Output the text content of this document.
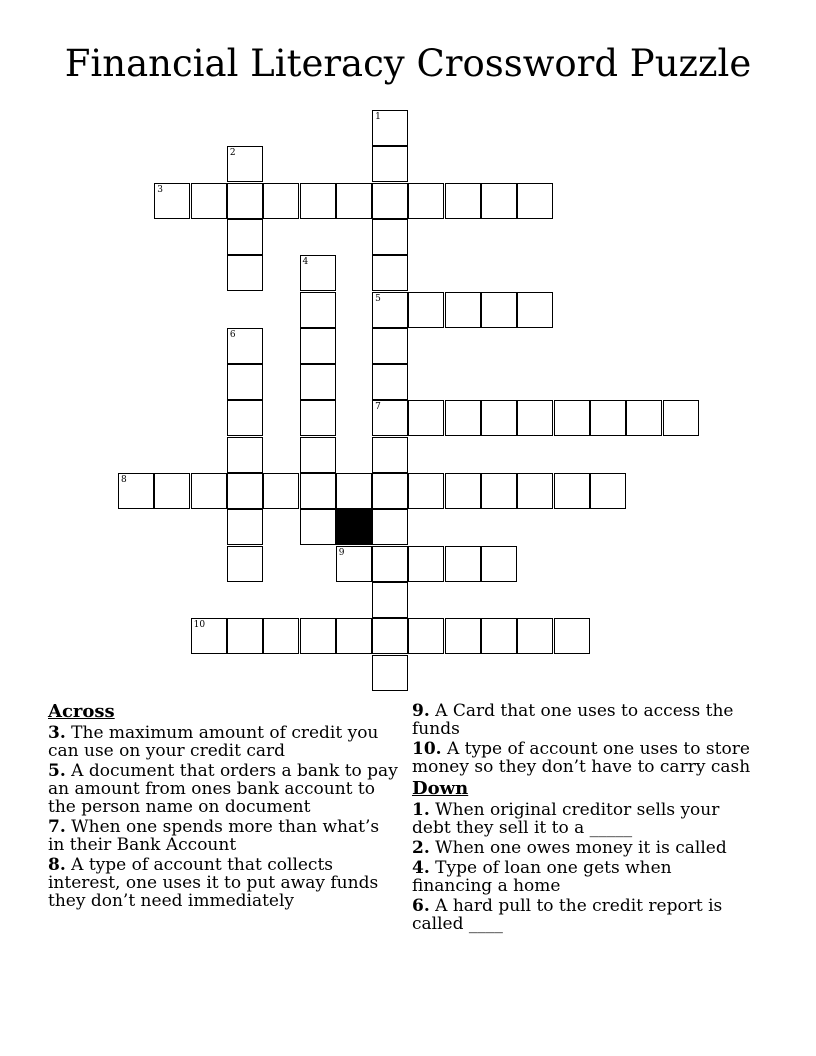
Financial Literacy Crossword Puzzle
1
5
7
2
3
4
6
8
9
10
Across
3. The maximum amount of credit you can use on your credit card
5. A document that orders a bank to pay an amount from ones bank account to the person name on document
7. When one spends more than what’s in their Bank Account
8. A type of account that collects interest, one uses it to put away funds they don’t need immediately
9. A Card that one uses to access the funds
10. A type of account one uses to store money so they don’t have to carry cash
Down
1. When original creditor sells your debt they sell it to a _____
2. When one owes money it is called
4. Type of loan one gets when financing a home
6. A hard pull to the credit report is called ____
